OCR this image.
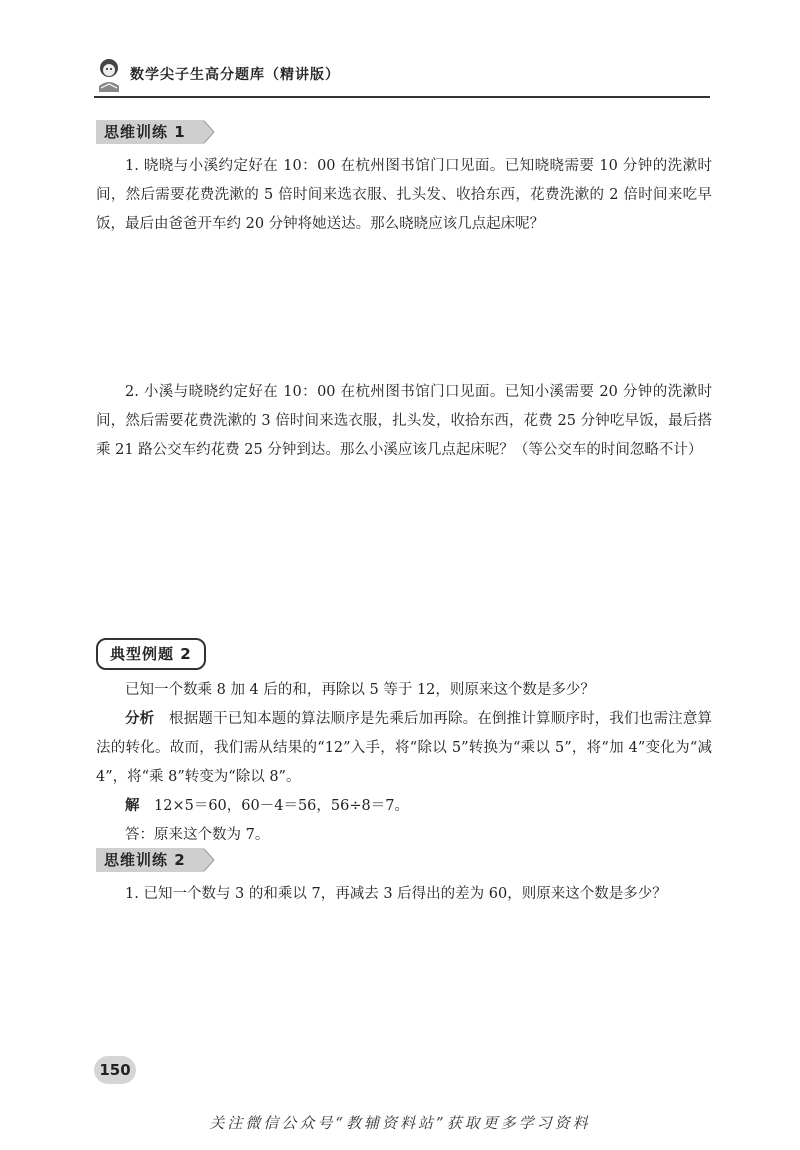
数学尖子生高分题库（精讲版）
思维训练 1
1. 晓晓与小溪约定好在 10：00 在杭州图书馆门口见面。已知晓晓需要 10 分钟的洗漱时间，然后需要花费洗漱的 5 倍时间来选衣服、扎头发、收拾东西，花费洗漱的 2 倍时间来吃早饭，最后由爸爸开车约 20 分钟将她送达。那么晓晓应该几点起床呢？
2. 小溪与晓晓约定好在 10：00 在杭州图书馆门口见面。已知小溪需要 20 分钟的洗漱时间，然后需要花费洗漱的 3 倍时间来选衣服，扎头发，收拾东西，花费 25 分钟吃早饭，最后搭乘 21 路公交车约花费 25 分钟到达。那么小溪应该几点起床呢？（等公交车的时间忽略不计）
典型例题 2
已知一个数乘 8 加 4 后的和，再除以 5 等于 12，则原来这个数是多少？
分析　 根据题干已知本题的算法顺序是先乘后加再除。在倒推计算顺序时，我们也需注意算法的转化。故而，我们需从结果的“12”入手，将“除以 5”转换为“乘以 5”，将“加 4”变化为“减 4”，将“乘 8”转变为“除以 8”。
解　 12×5＝60，60－4＝56，56÷8＝7。
答：原来这个数为 7。
思维训练 2
1. 已知一个数与 3 的和乘以 7，再减去 3 后得出的差为 60，则原来这个数是多少？
150
关注微信公众号“教辅资料站”获取更多学习资料
